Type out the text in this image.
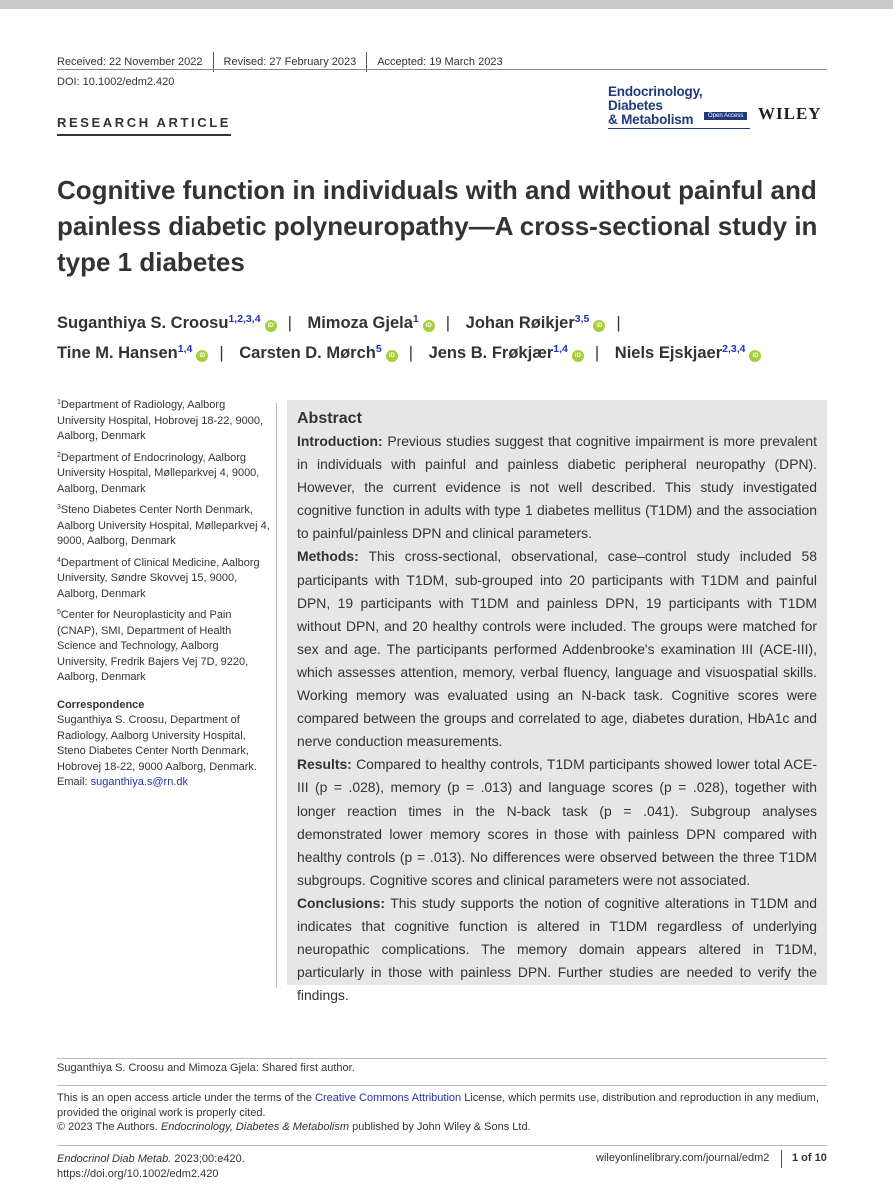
Received: 22 November 2022 Revised: 27 February 2023 Accepted: 19 March 2023
DOI: 10.1002/edm2.420
RESEARCH ARTICLE
Endocrinology, Diabetes
& Metabolism	Open Access WILEY
Cognitive function in individuals with and without painful and painless diabetic polyneuropathy—A cross-sectional study in type 1 diabetes
Suganthiya S. Croosu$^{1,2,3,4}$iD | Mimoza Gjela$^1$iD | Johan Røikjer$^{3,5}$iD |
Tine M. Hansen$^{1,4}$iD | Carsten D. Mørch$^5$iD | Jens B. Frøkjær$^{1,4}$iD | Niels Ejskjaer$^{2,3,4}$iD
$^1$Department of Radiology, Aalborg University Hospital, Hobrovej 18-22, 9000, Aalborg, Denmark
$^2$Department of Endocrinology, Aalborg University Hospital, Mølleparkvej 4, 9000, Aalborg, Denmark
$^3$Steno Diabetes Center North Denmark, Aalborg University Hospital, Mølleparkvej 4, 9000, Aalborg, Denmark
$^4$Department of Clinical Medicine, Aalborg University, Søndre Skovvej 15, 9000, Aalborg, Denmark
$^5$Center for Neuroplasticity and Pain (CNAP), SMI, Department of Health Science and Technology, Aalborg University, Fredrik Bajers Vej 7D, 9220, Aalborg, Denmark
Correspondence
Suganthiya S. Croosu, Department of Radiology, Aalborg University Hospital, Steno Diabetes Center North Denmark, Hobrovej 18-22, 9000 Aalborg, Denmark.
Email: suganthiya.s@rn.dk
Abstract

Introduction: Previous studies suggest that cognitive impairment is more prevalent in individuals with painful and painless diabetic peripheral neuropathy (DPN). However, the current evidence is not well described. This study investigated cognitive function in adults with type 1 diabetes mellitus (T1DM) and the association to painful/painless DPN and clinical parameters.

Methods: This cross-sectional, observational, case–control study included 58 participants with T1DM, sub-grouped into 20 participants with T1DM and painful DPN, 19 participants with T1DM and painless DPN, 19 participants with T1DM without DPN, and 20 healthy controls were included. The groups were matched for sex and age. The participants performed Addenbrooke's examination III (ACE-III), which assesses attention, memory, verbal fluency, language and visuospatial skills. Working memory was evaluated using an N-back task. Cognitive scores were compared between the groups and correlated to age, diabetes duration, HbA1c and nerve conduction measurements.

Results: Compared to healthy controls, T1DM participants showed lower total ACE-III (p = .028), memory (p = .013) and language scores (p = .028), together with longer reaction times in the N-back task (p = .041). Subgroup analyses demonstrated lower memory scores in those with painless DPN compared with healthy controls (p = .013). No differences were observed between the three T1DM subgroups. Cognitive scores and clinical parameters were not associated.

Conclusions: This study supports the notion of cognitive alterations in T1DM and indicates that cognitive function is altered in T1DM regardless of underlying neuropathic complications. The memory domain appears altered in T1DM, particularly in those with painless DPN. Further studies are needed to verify the findings.

Suganthiya S. Croosu and Mimoza Gjela: Shared first author.
This is an open access article under the terms of the Creative Commons Attribution License, which permits use, distribution and reproduction in any medium, provided the original work is properly cited.
© 2023 The Authors. Endocrinology, Diabetes & Metabolism published by John Wiley & Sons Ltd.
Endocrinol Diab Metab. 2023;00:e420.
https://doi.org/10.1002/edm2.420
wileyonlinelibrary.com/journal/edm2 1 of 10
